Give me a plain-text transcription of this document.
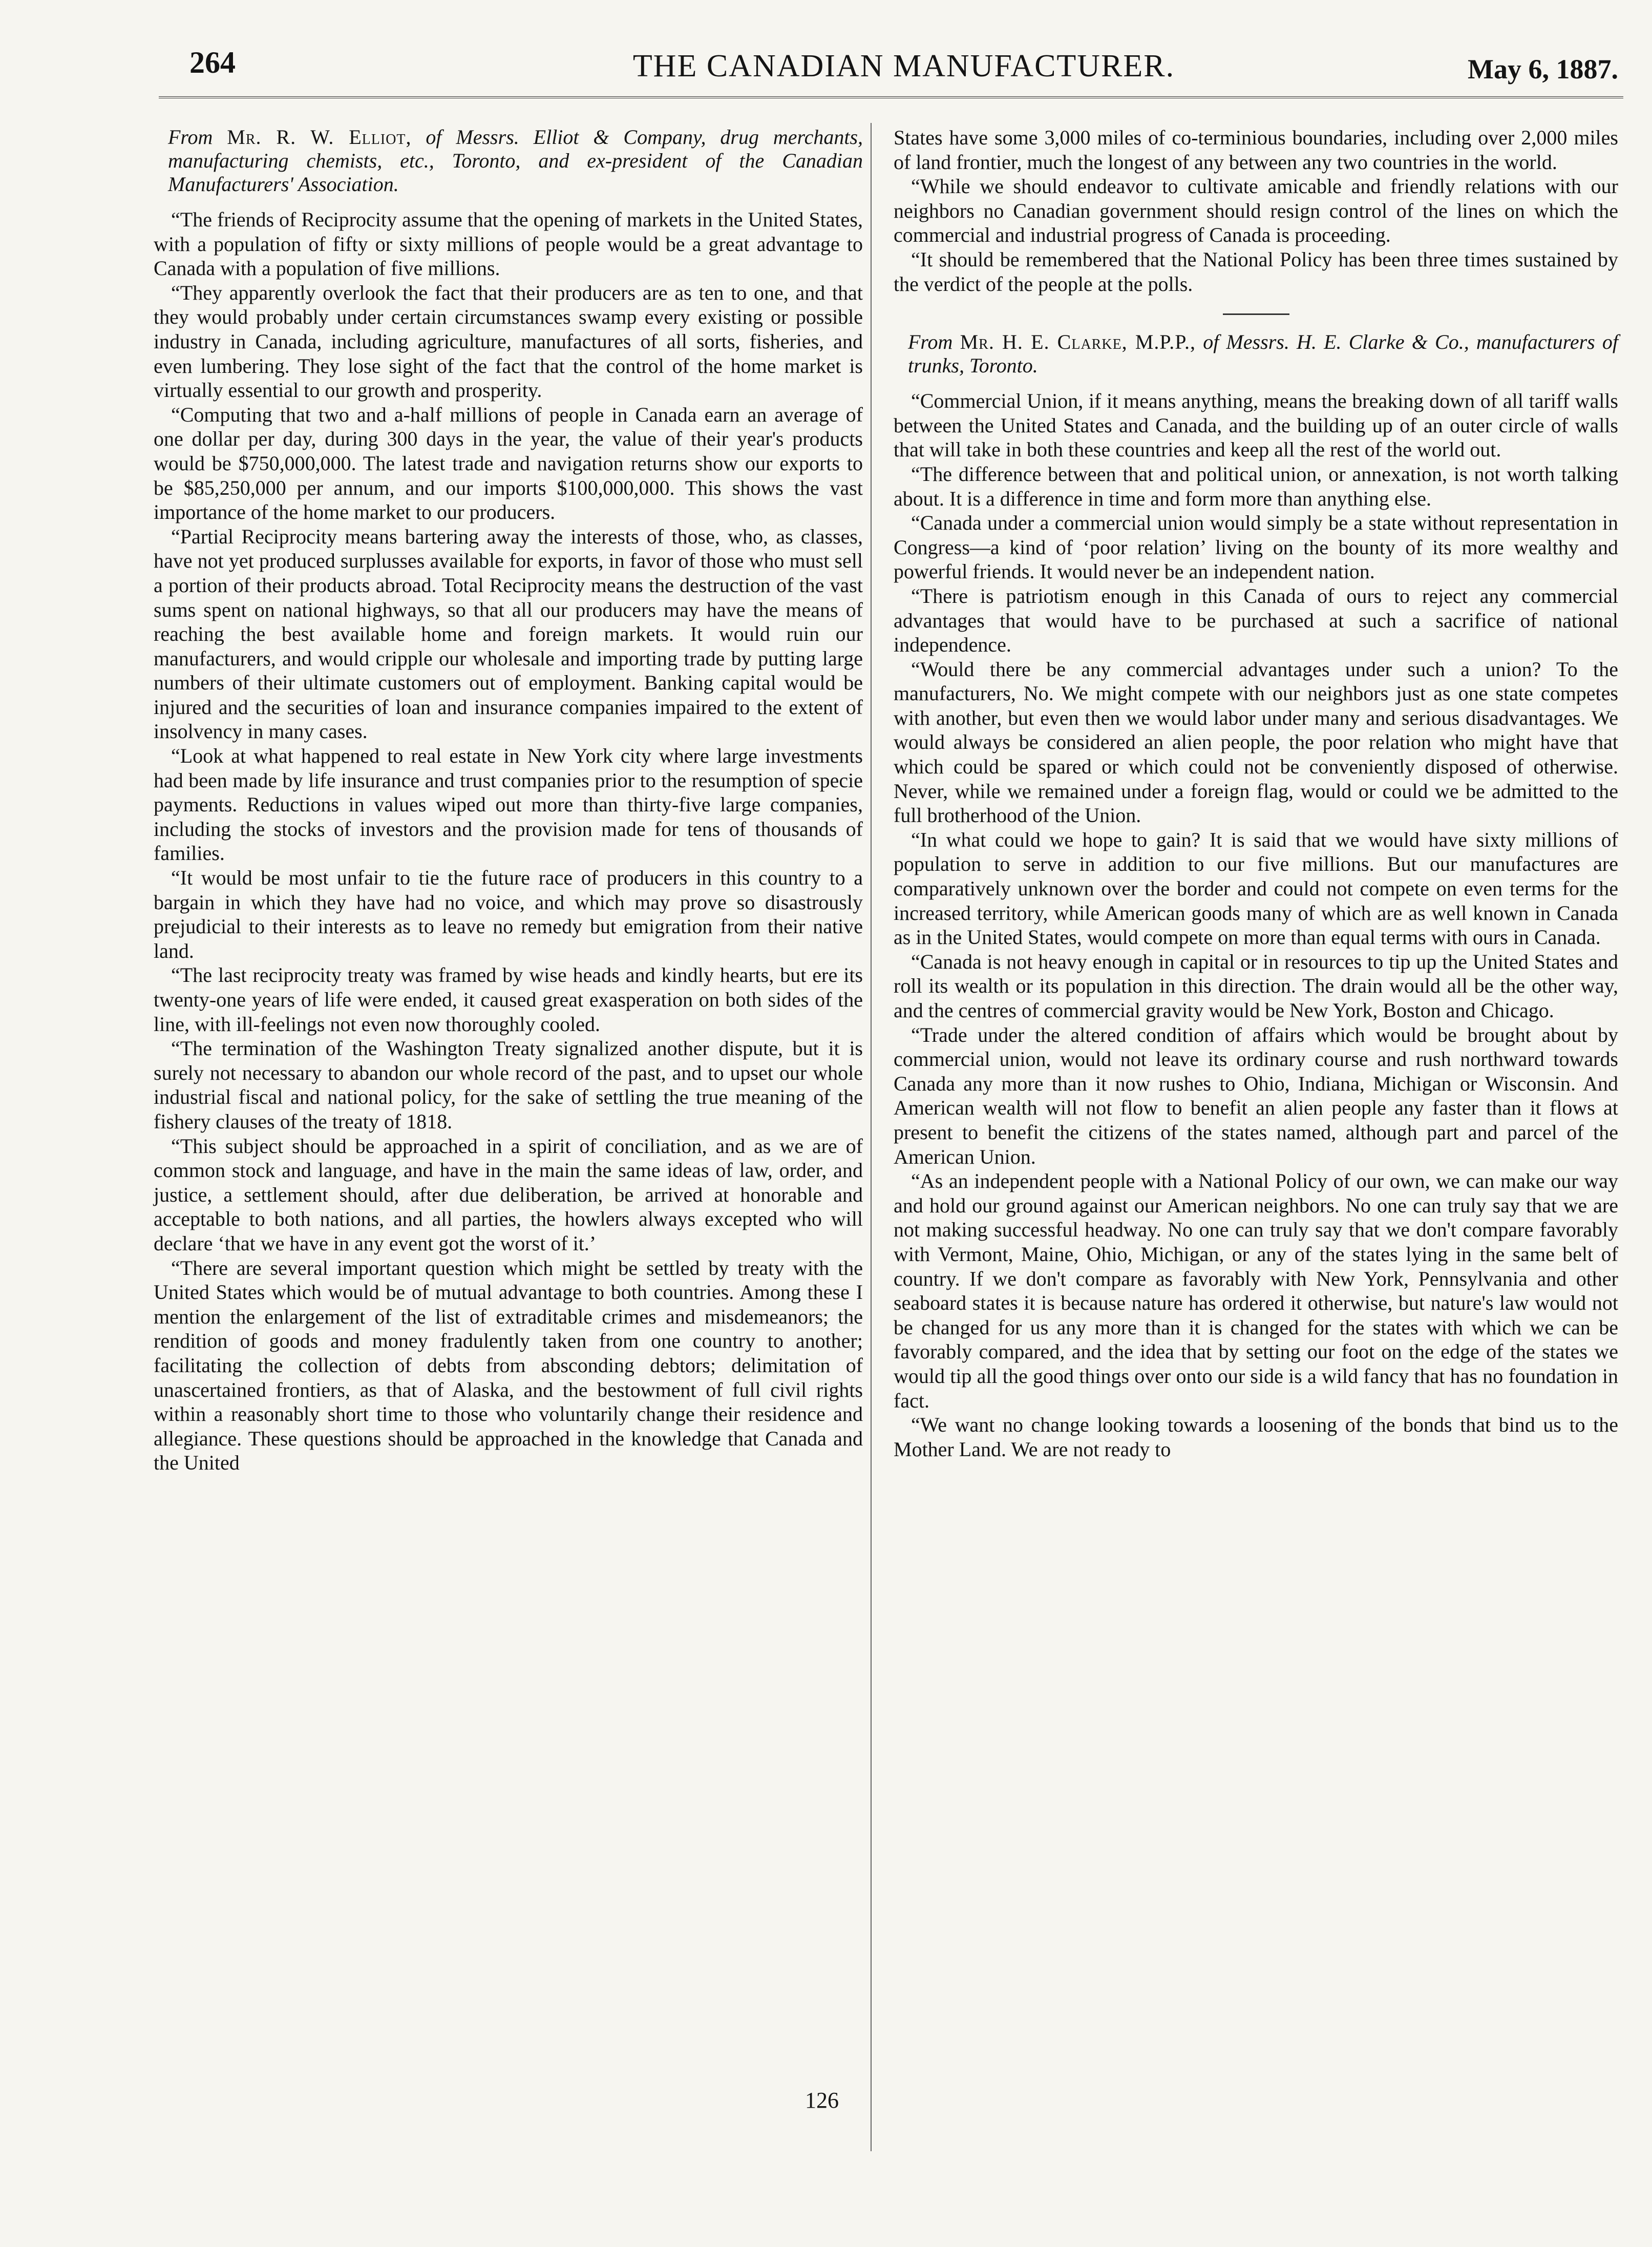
264	THE CANADIAN MANUFACTURER.	May 6, 1887.

From Mr. R. W. Elliot, of Messrs. Elliot & Company, drug merchants, manufacturing chemists, etc., Toronto, and ex-president of the Canadian Manufacturers' Association.

“The friends of Reciprocity assume that the opening of markets in the United States, with a population of fifty or sixty millions of people would be a great advantage to Canada with a population of five millions.

“They apparently overlook the fact that their producers are as ten to one, and that they would probably under certain circumstances swamp every existing or possible industry in Canada, including agriculture, manufactures of all sorts, fisheries, and even lumbering. They lose sight of the fact that the control of the home market is virtually essential to our growth and prosperity.

“Computing that two and a-half millions of people in Canada earn an average of one dollar per day, during 300 days in the year, the value of their year's products would be $750,000,000. The latest trade and navigation returns show our exports to be $85,250,000 per annum, and our imports $100,000,000. This shows the vast importance of the home market to our producers.

“Partial Reciprocity means bartering away the interests of those, who, as classes, have not yet produced surplusses available for exports, in favor of those who must sell a portion of their products abroad. Total Reciprocity means the destruction of the vast sums spent on national highways, so that all our producers may have the means of reaching the best available home and foreign markets. It would ruin our manufacturers, and would cripple our wholesale and importing trade by putting large numbers of their ultimate customers out of employment. Banking capital would be injured and the securities of loan and insurance companies impaired to the extent of insolvency in many cases.

“Look at what happened to real estate in New York city where large investments had been made by life insurance and trust companies prior to the resumption of specie payments. Reductions in values wiped out more than thirty-five large companies, including the stocks of investors and the provision made for tens of thousands of families.

“It would be most unfair to tie the future race of producers in this country to a bargain in which they have had no voice, and which may prove so disastrously prejudicial to their interests as to leave no remedy but emigration from their native land.

“The last reciprocity treaty was framed by wise heads and kindly hearts, but ere its twenty-one years of life were ended, it caused great exasperation on both sides of the line, with ill-feelings not even now thoroughly cooled.

“The termination of the Washington Treaty signalized another dispute, but it is surely not necessary to abandon our whole record of the past, and to upset our whole industrial fiscal and national policy, for the sake of settling the true meaning of the fishery clauses of the treaty of 1818.

“This subject should be approached in a spirit of conciliation, and as we are of common stock and language, and have in the main the same ideas of law, order, and justice, a settlement should, after due deliberation, be arrived at honorable and acceptable to both nations, and all parties, the howlers always excepted who will declare ‘that we have in any event got the worst of it.’

“There are several important question which might be settled by treaty with the United States which would be of mutual advantage to both countries. Among these I mention the enlargement of the list of extraditable crimes and misdemeanors; the rendition of goods and money fradulently taken from one country to another; facilitating the collection of debts from absconding debtors; delimitation of unascertained frontiers, as that of Alaska, and the bestowment of full civil rights within a reasonably short time to those who voluntarily change their residence and allegiance. These questions should be approached in the knowledge that Canada and the United

States have some 3,000 miles of co-terminious boundaries, including over 2,000 miles of land frontier, much the longest of any between any two countries in the world.

“While we should endeavor to cultivate amicable and friendly relations with our neighbors no Canadian government should resign control of the lines on which the commercial and industrial progress of Canada is proceeding.

“It should be remembered that the National Policy has been three times sustained by the verdict of the people at the polls.

From Mr. H. E. Clarke, M.P.P., of Messrs. H. E. Clarke & Co., manufacturers of trunks, Toronto.

“Commercial Union, if it means anything, means the breaking down of all tariff walls between the United States and Canada, and the building up of an outer circle of walls that will take in both these countries and keep all the rest of the world out.

“The difference between that and political union, or annexation, is not worth talking about. It is a difference in time and form more than anything else.

“Canada under a commercial union would simply be a state without representation in Congress—a kind of ‘poor relation’ living on the bounty of its more wealthy and powerful friends. It would never be an independent nation.

“There is patriotism enough in this Canada of ours to reject any commercial advantages that would have to be purchased at such a sacrifice of national independence.

“Would there be any commercial advantages under such a union? To the manufacturers, No. We might compete with our neighbors just as one state competes with another, but even then we would labor under many and serious disadvantages. We would always be considered an alien people, the poor relation who might have that which could be spared or which could not be conveniently disposed of otherwise. Never, while we remained under a foreign flag, would or could we be admitted to the full brotherhood of the Union.

“In what could we hope to gain? It is said that we would have sixty millions of population to serve in addition to our five millions. But our manufactures are comparatively unknown over the border and could not compete on even terms for the increased territory, while American goods many of which are as well known in Canada as in the United States, would compete on more than equal terms with ours in Canada.

“Canada is not heavy enough in capital or in resources to tip up the United States and roll its wealth or its population in this direction. The drain would all be the other way, and the centres of commercial gravity would be New York, Boston and Chicago.

“Trade under the altered condition of affairs which would be brought about by commercial union, would not leave its ordinary course and rush northward towards Canada any more than it now rushes to Ohio, Indiana, Michigan or Wisconsin. And American wealth will not flow to benefit an alien people any faster than it flows at present to benefit the citizens of the states named, although part and parcel of the American Union.

“As an independent people with a National Policy of our own, we can make our way and hold our ground against our American neighbors. No one can truly say that we are not making successful headway. No one can truly say that we don't compare favorably with Vermont, Maine, Ohio, Michigan, or any of the states lying in the same belt of country. If we don't compare as favorably with New York, Pennsylvania and other seaboard states it is because nature has ordered it otherwise, but nature's law would not be changed for us any more than it is changed for the states with which we can be favorably compared, and the idea that by setting our foot on the edge of the states we would tip all the good things over onto our side is a wild fancy that has no foundation in fact.

“We want no change looking towards a loosening of the bonds that bind us to the Mother Land. We are not ready to

126
